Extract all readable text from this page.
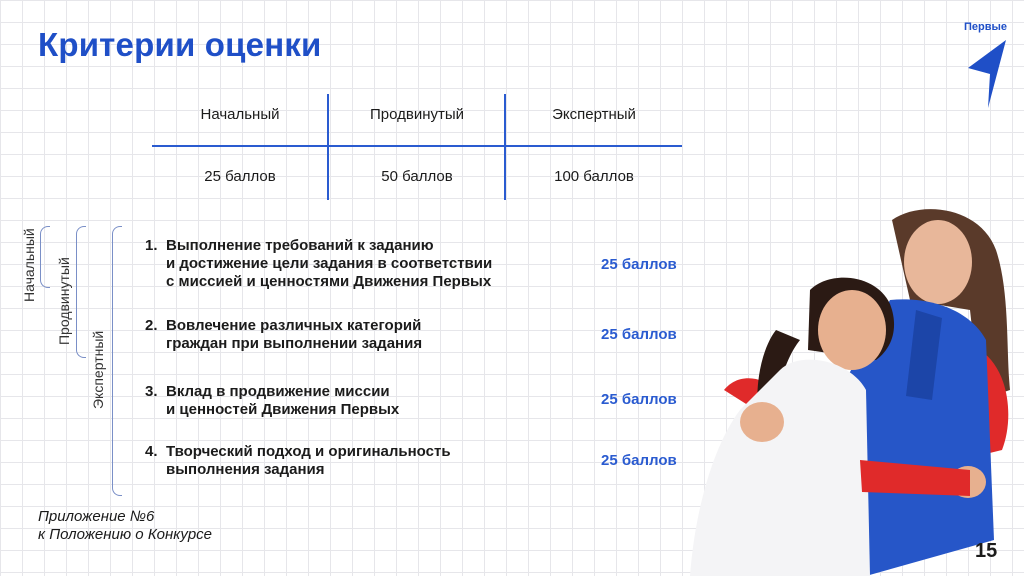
Критерии оценки	Первые
Начальный	Продвинутый	Экспертный
25 баллов	50 баллов	100 баллов
Начальный Продвинутый
Экспертный
1. Выполнение требований к заданию
и достижение цели задания в соответствии
с миссией и ценностями Движения Первых
25 баллов
2. Вовлечение различных категорий
граждан при выполнении задания
25 баллов
3. Вклад в продвижение миссии
и ценностей Движения Первых
25 баллов
4. Творческий подход и оригинальность
выполнения задания
25 баллов
Приложение №6
к Положению о Конкурсе
15
